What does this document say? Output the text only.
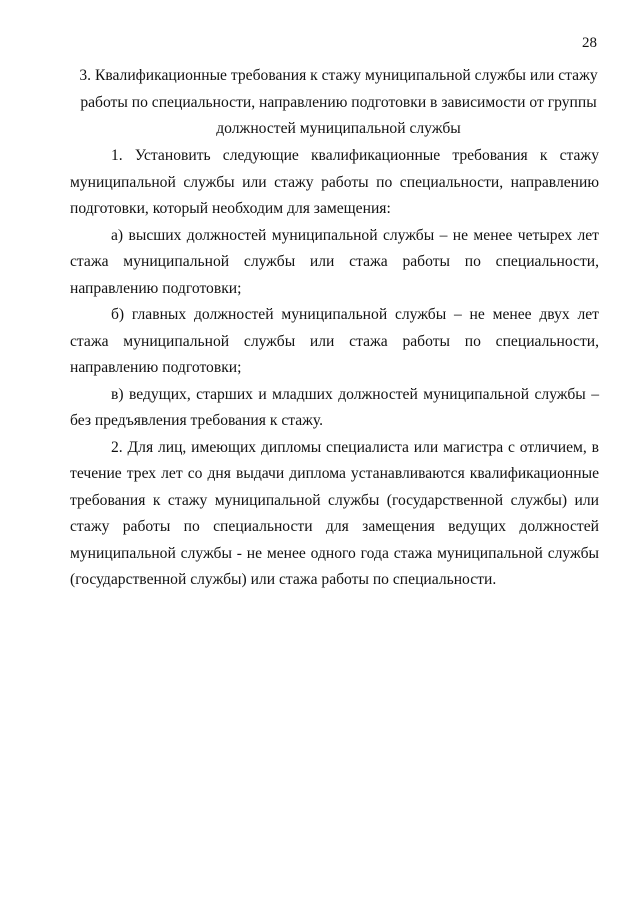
28

3. Квалификационные требования к стажу муниципальной службы или стажу работы по специальности, направлению подготовки в зависимости от группы должностей муниципальной службы

1. Установить следующие квалификационные требования к стажу муниципальной службы или стажу работы по специальности, направлению подготовки, который необходим для замещения:

а) высших должностей муниципальной службы – не менее четырех лет стажа муниципальной службы или стажа работы по специальности, направлению подготовки;

б) главных должностей муниципальной службы – не менее двух лет стажа муниципальной службы или стажа работы по специальности, направлению подготовки;

в) ведущих, старших и младших должностей муниципальной службы – без предъявления требования к стажу.

2. Для лиц, имеющих дипломы специалиста или магистра с отличием, в течение трех лет со дня выдачи диплома устанавливаются квалификационные требования к стажу муниципальной службы (государственной службы) или стажу работы по специальности для замещения ведущих должностей муниципальной службы - не менее одного года стажа муниципальной службы (государственной службы) или стажа работы по специальности.
